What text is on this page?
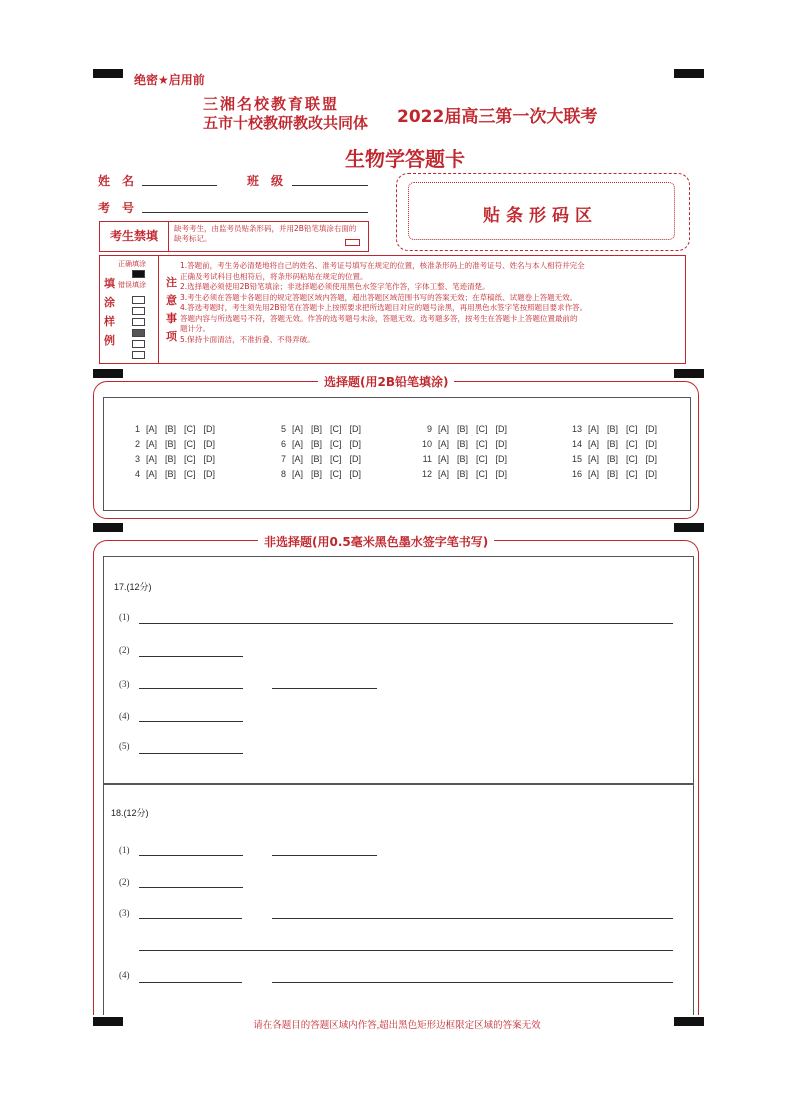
绝密★启用前
三湘名校教育联盟
五市十校教研教改共同体 2022届高三第一次大联考
生物学答题卡
姓　名	班　级
考　号	贴条形码区
考生禁填
缺考考生，由监考员贴条形码，并用2B铅笔填涂右面的缺考标记。
正确填涂
错误填涂
填涂样例
注意事项
1.答题前，考生务必清楚地将自己的姓名、准考证号填写在规定的位置，核准条形码上的准考证号、姓名与本人相符并完全
正确及考试科目也相符后，将条形码粘贴在规定的位置。
2.选择题必须使用2B铅笔填涂；非选择题必须使用黑色水签字笔作答，字体工整、笔迹清楚。
3.考生必须在答题卡各题目的规定答题区域内答题，超出答题区域范围书写的答案无效；在草稿纸、试题卷上答题无效。
4.答选考题时，考生须先用2B铅笔在答题卡上按照要求把所选题目对应的题号涂黑，再用黑色水签字笔按照题目要求作答。
答题内容与所选题号不符，答题无效。作答的选考题号未涂，答题无效。选考题多答，按考生在答题卡上答题位置最前的
题计分。
5.保持卡面清洁，不准折叠、不得弄破。
选择题(用2B铅笔填涂)
1 [A] [B] [C] [D]
2 [A] [B] [C] [D]
3 [A] [B] [C] [D]
4 [A] [B] [C] [D]
5 [A] [B] [C] [D]
6 [A] [B] [C] [D]
7 [A] [B] [C] [D]
8 [A] [B] [C] [D]
9 [A] [B] [C] [D]
10 [A] [B] [C] [D]
11 [A] [B] [C] [D]
12 [A] [B] [C] [D]
13 [A] [B] [C] [D]
14 [A] [B] [C] [D]
15 [A] [B] [C] [D]
16 [A] [B] [C] [D]
非选择题(用0.5毫米黑色墨水签字笔书写)
17.(12分)
(1)
(2)
(3)
(4)
(5)
18.(12分)
(1)
(2)
(3)
(4)
请在各题目的答题区域内作答,超出黑色矩形边框限定区域的答案无效
